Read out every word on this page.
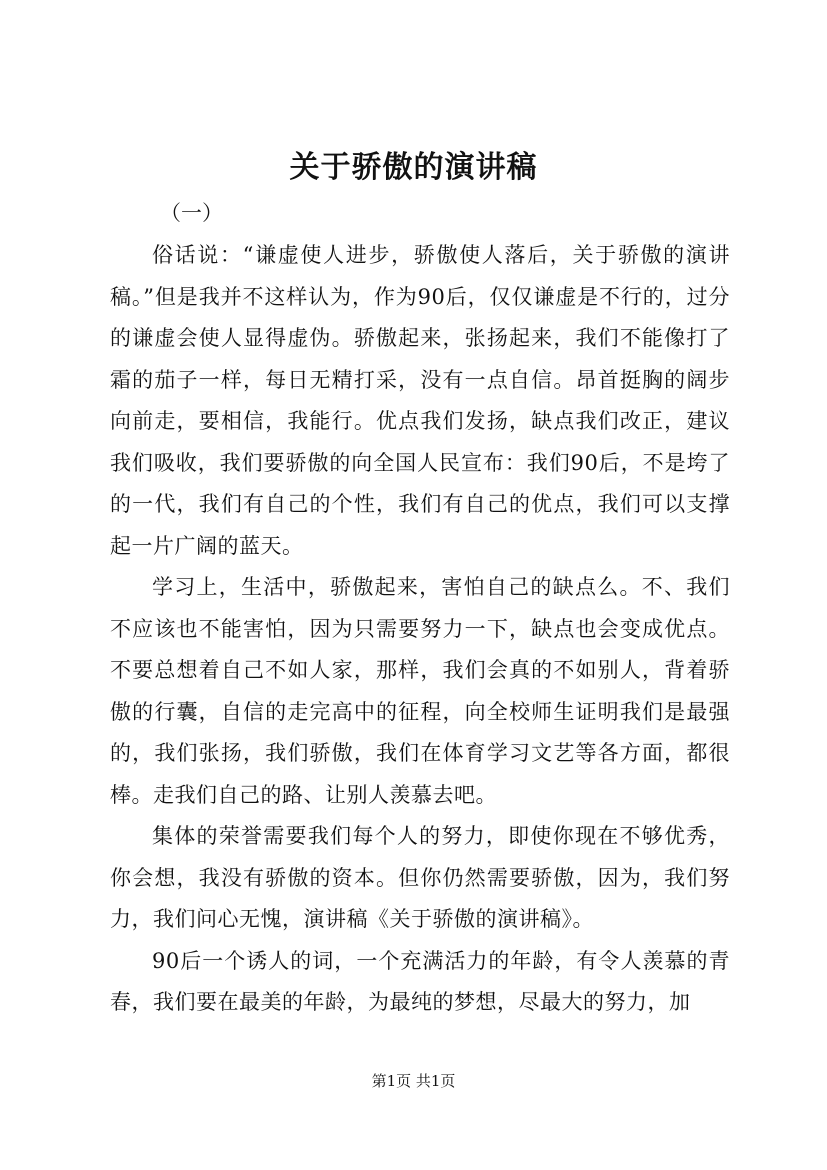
关于骄傲的演讲稿
（一）

俗话说：“谦虚使人进步，骄傲使人落后，关于骄傲的演讲稿。”但是我并不这样认为，作为90后，仅仅谦虚是不行的，过分的谦虚会使人显得虚伪。骄傲起来，张扬起来，我们不能像打了霜的茄子一样，每日无精打采，没有一点自信。昂首挺胸的阔步向前走，要相信，我能行。优点我们发扬，缺点我们改正，建议我们吸收，我们要骄傲的向全国人民宣布：我们90后，不是垮了的一代，我们有自己的个性，我们有自己的优点，我们可以支撑起一片广阔的蓝天。

学习上，生活中，骄傲起来，害怕自己的缺点么。不、我们不应该也不能害怕，因为只需要努力一下，缺点也会变成优点。不要总想着自己不如人家，那样，我们会真的不如别人，背着骄傲的行囊，自信的走完高中的征程，向全校师生证明我们是最强的，我们张扬，我们骄傲，我们在体育学习文艺等各方面，都很棒。走我们自己的路、让别人羡慕去吧。

集体的荣誉需要我们每个人的努力，即使你现在不够优秀，你会想，我没有骄傲的资本。但你仍然需要骄傲，因为，我们努力，我们问心无愧，演讲稿《关于骄傲的演讲稿》。

90后一个诱人的词，一个充满活力的年龄，有令人羡慕的青春，我们要在最美的年龄，为最纯的梦想，尽最大的努力，加

第1页 共1页
